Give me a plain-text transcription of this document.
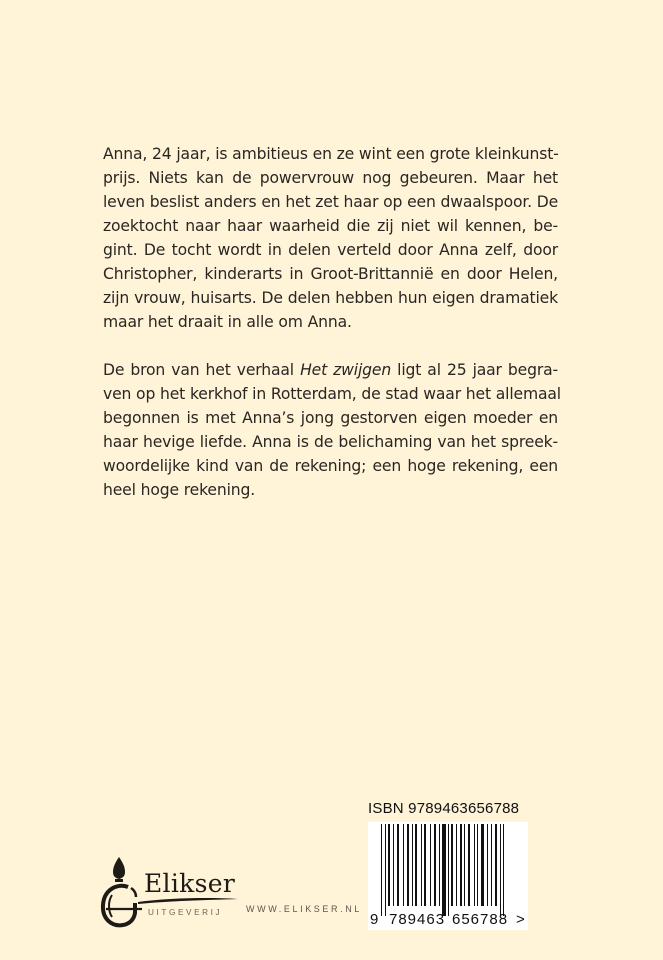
Anna, 24 jaar, is ambitieus en ze wint een grote kleinkunst-
prijs. Niets kan de powervrouw nog gebeuren. Maar het
leven beslist anders en het zet haar op een dwaalspoor. De
zoektocht naar haar waarheid die zij niet wil kennen, be-
gint. De tocht wordt in delen verteld door Anna zelf, door
Christopher, kinderarts in Groot-Brittannië en door Helen,
zijn vrouw, huisarts. De delen hebben hun eigen dramatiek
maar het draait in alle om Anna.

De bron van het verhaal Het zwijgen ligt al 25 jaar begra-
ven op het kerkhof in Rotterdam, de stad waar het allemaal
begonnen is met Anna’s jong gestorven eigen moeder en
haar hevige liefde. Anna is de belichaming van het spreek-
woordelijke kind van de rekening; een hoge rekening, een
heel hoge rekening.

Elikser
UITGEVERIJ	WWW.ELIKSER.NL
ISBN 9789463656788
9 789463 656788 >
